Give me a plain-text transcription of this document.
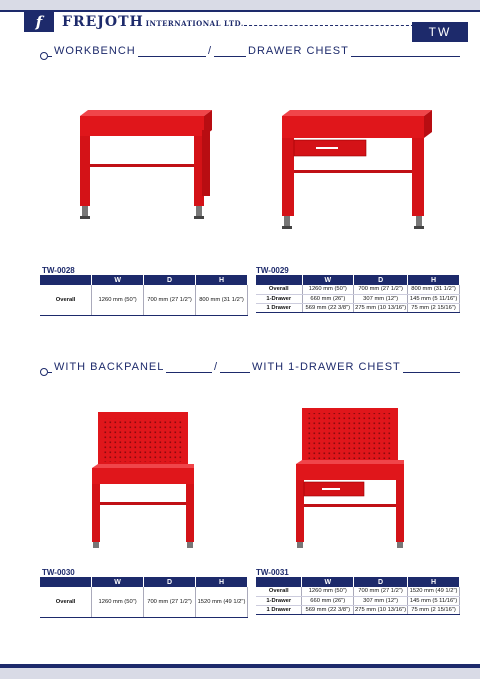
f	FREJOTH INTERNATIONAL LTD.
TW
WORKBENCH	/	DRAWER CHEST
WITH BACKPANEL	/	WITH 1-DRAWER CHEST
TW-0028
	W	D	H
Overall	1260 mm (50")	700 mm (27 1/2")	800 mm (31 1/2")
TW-0029
	W	D	H
Overall	1260 mm (50")	700 mm (27 1/2")	800 mm (31 1/2")
1-Drawer	660 mm (26")	307 mm (12")	145 mm (5 11/16")
1 Drawer	569 mm (22 3/8")	275 mm (10 13/16")	75 mm (2 15/16")
TW-0030
	W	D	H
Overall	1260 mm (50")	700 mm (27 1/2")	1520 mm (49 1/2")
TW-0031
	W	D	H
Overall	1260 mm (50")	700 mm (27 1/2")	1520 mm (49 1/2")
1-Drawer	660 mm (26")	307 mm (12")	145 mm (5 11/16")
1 Drawer	569 mm (22 3/8")	275 mm (10 13/16")	75 mm (2 15/16")
